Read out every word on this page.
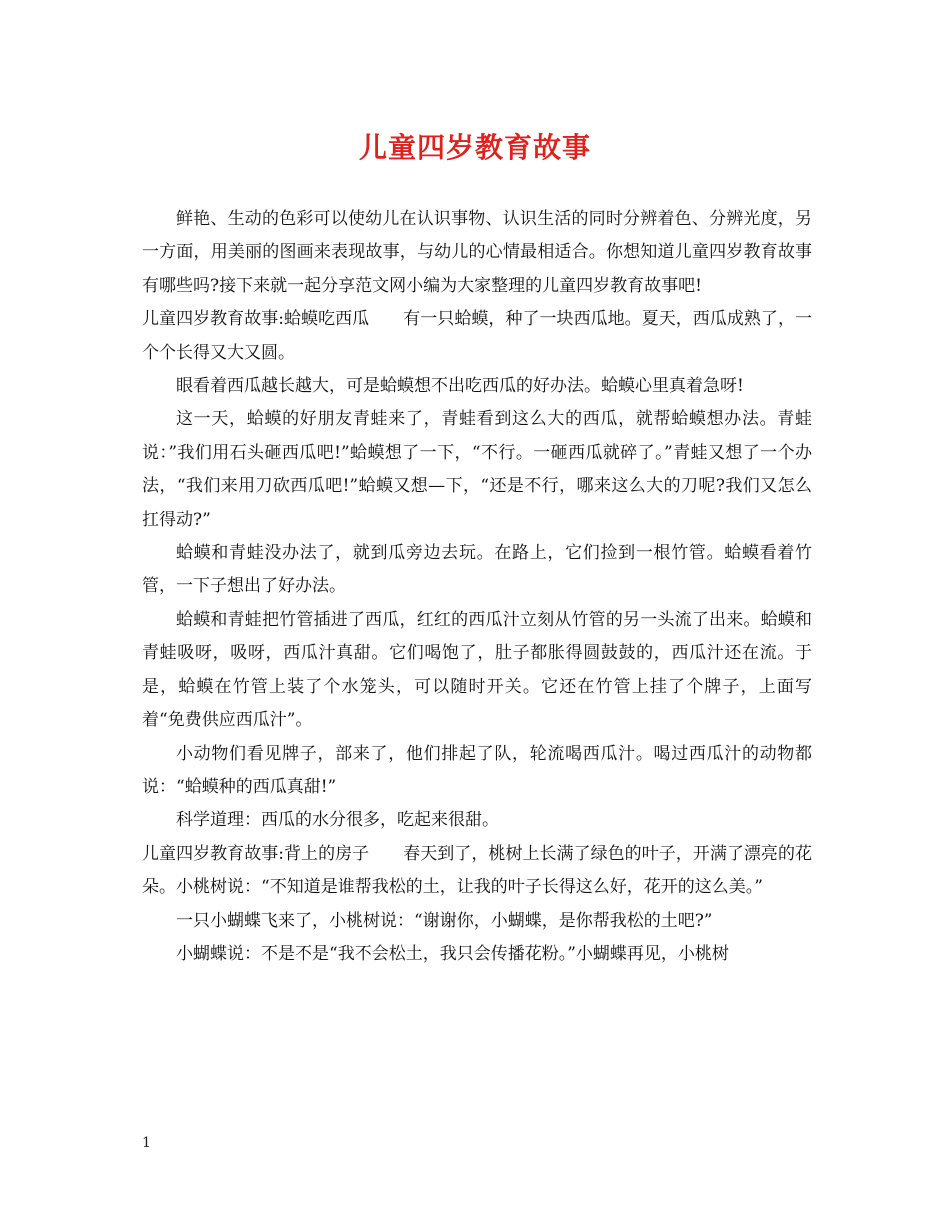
儿童四岁教育故事

鲜艳、生动的色彩可以使幼儿在认识事物、认识生活的同时分辨着色、分辨光度，另一方面，用美丽的图画来表现故事，与幼儿的心情最相适合。你想知道儿童四岁教育故事有哪些吗?接下来就一起分享范文网小编为大家整理的儿童四岁教育故事吧!

儿童四岁教育故事:蛤蟆吃西瓜　　有一只蛤蟆，种了一块西瓜地。夏天，西瓜成熟了，一个个长得又大又圆。

眼看着西瓜越长越大，可是蛤蟆想不出吃西瓜的好办法。蛤蟆心里真着急呀!

这一天，蛤蟆的好朋友青蛙来了，青蛙看到这么大的西瓜，就帮蛤蟆想办法。青蛙说：”我们用石头砸西瓜吧!”蛤蟆想了一下，“不行。一砸西瓜就碎了。”青蛙又想了一个办法，“我们来用刀砍西瓜吧!”蛤蟆又想—下，“还是不行，哪来这么大的刀呢?我们又怎么扛得动?”

蛤蟆和青蛙没办法了，就到瓜旁边去玩。在路上，它们捡到一根竹管。蛤蟆看着竹管，一下子想出了好办法。

蛤蟆和青蛙把竹管插进了西瓜，红红的西瓜汁立刻从竹管的另一头流了出来。蛤蟆和青蛙吸呀，吸呀，西瓜汁真甜。它们喝饱了，肚子都胀得圆鼓鼓的，西瓜汁还在流。于是，蛤蟆在竹管上装了个水笼头，可以随时开关。它还在竹管上挂了个牌子，上面写着“免费供应西瓜汁”。

小动物们看见牌子，部来了，他们排起了队，轮流喝西瓜汁。喝过西瓜汁的动物都说：“蛤蟆种的西瓜真甜!”

科学道理：西瓜的水分很多，吃起来很甜。

儿童四岁教育故事:背上的房子　　春天到了，桃树上长满了绿色的叶子，开满了漂亮的花朵。小桃树说：“不知道是谁帮我松的土，让我的叶子长得这么好，花开的这么美。”

一只小蝴蝶飞来了，小桃树说：“谢谢你，小蝴蝶，是你帮我松的土吧?”

小蝴蝶说：不是不是“我不会松土，我只会传播花粉。”小蝴蝶再见，小桃树

1
